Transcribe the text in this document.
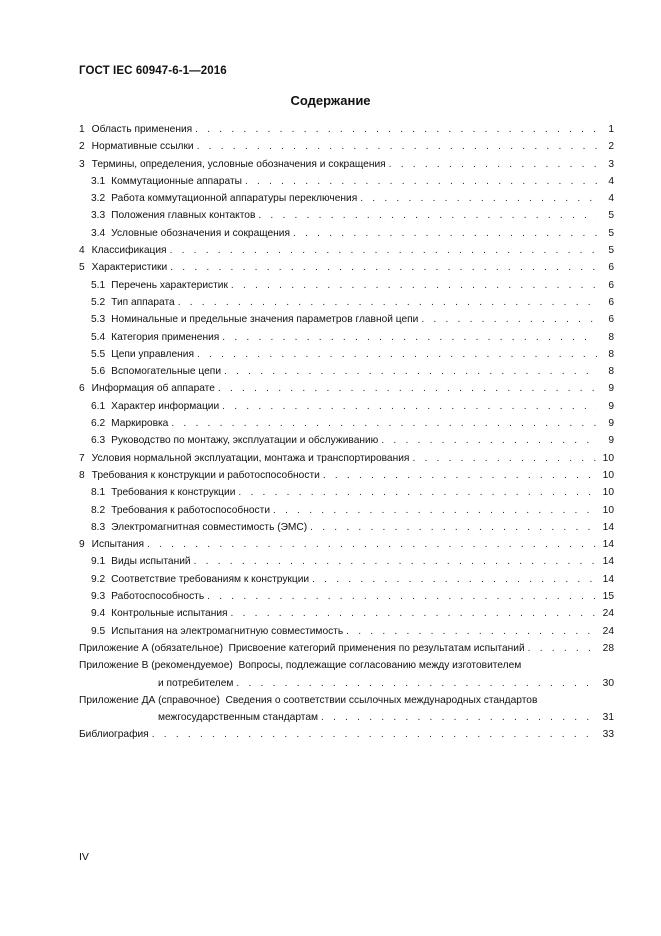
ГОСТ IEC 60947-6-1—2016
Содержание
1 Область применения . . .	1
2 Нормативные ссылки . . .	2
3 Термины, определения, условные обозначения и сокращения . . .	3
3.1 Коммутационные аппараты . . .	4
3.2 Работа коммутационной аппаратуры переключения . . .	4
3.3 Положения главных контактов . . .	5
3.4 Условные обозначения и сокращения . . .	5
4 Классификация . . .	5
5 Характеристики . . .	6
5.1 Перечень характеристик . . .	6
5.2 Тип аппарата . . .	6
5.3 Номинальные и предельные значения параметров главной цепи . . .	6
5.4 Категория применения . . .	8
5.5 Цепи управления . . .	8
5.6 Вспомогательные цепи . . .	8
6 Информация об аппарате . . .	9
6.1 Характер информации . . .	9
6.2 Маркировка . . .	9
6.3 Руководство по монтажу, эксплуатации и обслуживанию . . .	9
7 Условия нормальной эксплуатации, монтажа и транспортирования . . .	10
8 Требования к конструкции и работоспособности . . .	10
8.1 Требования к конструкции . . .	10
8.2 Требования к работоспособности . . .	10
8.3 Электромагнитная совместимость (ЭМС) . . .	14
9 Испытания . . .	14
9.1 Виды испытаний . . .	14
9.2 Соответствие требованиям к конструкции . . .	14
9.3 Работоспособность . . .	15
9.4 Контрольные испытания . . .	24
9.5 Испытания на электромагнитную совместимость . . .	24
Приложение А (обязательное) Присвоение категорий применения по результатам испытаний . . .	28
Приложение В (рекомендуемое) Вопросы, подлежащие согласованию между изготовителем
и потребителем . . .	30
Приложение ДА (справочное) Сведения о соответствии ссылочных международных стандартов
межгосударственным стандартам . . .	31
Библиография . . .	33
IV
